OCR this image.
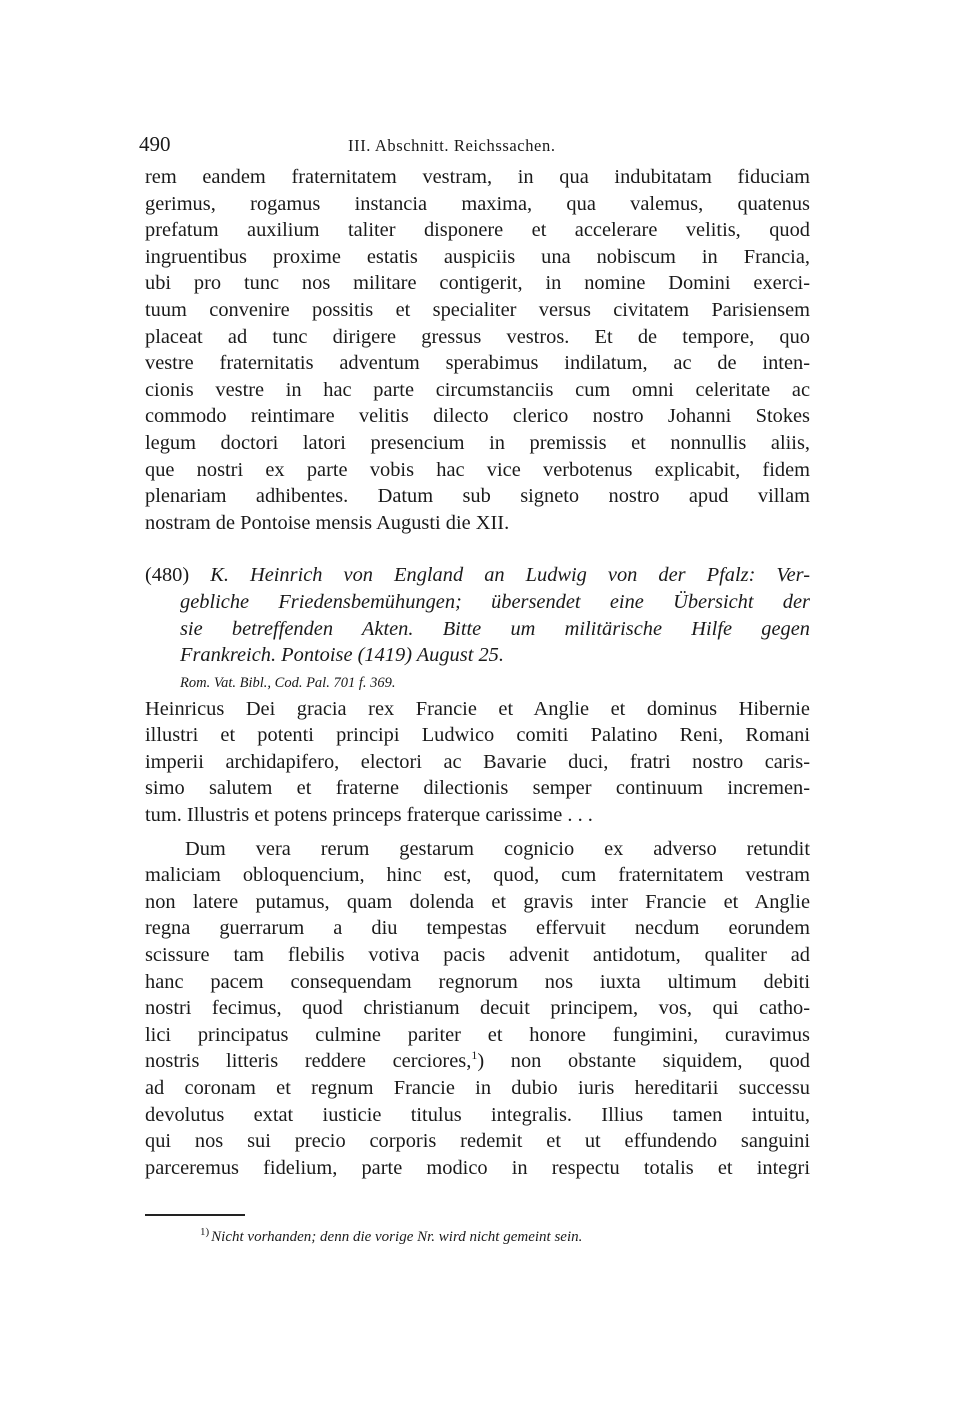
490	III. Abschnitt. Reichssachen.
rem eandem fraternitatem vestram, in qua indubitatam fiduciam
gerimus, rogamus instancia maxima, qua valemus, quatenus
prefatum auxilium taliter disponere et accelerare velitis, quod
ingruentibus proxime estatis auspiciis una nobiscum in Francia,
ubi pro tunc nos militare contigerit, in nomine Domini exerci-
tuum convenire possitis et specialiter versus civitatem Parisiensem
placeat ad tunc dirigere gressus vestros. Et de tempore, quo
vestre fraternitatis adventum sperabimus indilatum, ac de inten-
cionis vestre in hac parte circumstanciis cum omni celeritate ac
commodo reintimare velitis dilecto clerico nostro Johanni Stokes
legum doctori latori presencium in premissis et nonnullis aliis,
que nostri ex parte vobis hac vice verbotenus explicabit, fidem
plenariam adhibentes. Datum sub signeto nostro apud villam
nostram de Pontoise mensis Augusti die XII.
(480) K. Heinrich von England an Ludwig von der Pfalz: Ver-
gebliche Friedensbemühungen; übersendet eine Übersicht der
sie betreffenden Akten. Bitte um militärische Hilfe gegen
Frankreich. Pontoise (1419) August 25.
Rom. Vat. Bibl., Cod. Pal. 701 f. 369.
Heinricus Dei gracia rex Francie et Anglie et dominus Hibernie
illustri et potenti principi Ludwico comiti Palatino Reni, Romani
imperii archidapifero, electori ac Bavarie duci, fratri nostro caris-
simo salutem et fraterne dilectionis semper continuum incremen-
tum. Illustris et potens princeps fraterque carissime . . .
Dum vera rerum gestarum cognicio ex adverso retundit
maliciam obloquencium, hinc est, quod, cum fraternitatem vestram
non latere putamus, quam dolenda et gravis inter Francie et Anglie
regna guerrarum a diu tempestas effervuit necdum eorundem
scissure tam flebilis votiva pacis advenit antidotum, qualiter ad
hanc pacem consequendam regnorum nos iuxta ultimum debiti
nostri fecimus, quod christianum decuit principem, vos, qui catho-
lici principatus culmine pariter et honore fungimini, curavimus
nostris litteris reddere cerciores,$^1$) non obstante siquidem, quod
ad coronam et regnum Francie in dubio iuris hereditarii successu
devolutus extat iusticie titulus integralis. Illius tamen intuitu,
qui nos sui precio corporis redemit et ut effundendo sanguini
parceremus fidelium, parte modico in respectu totalis et integri
$^{1)}$ Nicht vorhanden; denn die vorige Nr. wird nicht gemeint sein.
